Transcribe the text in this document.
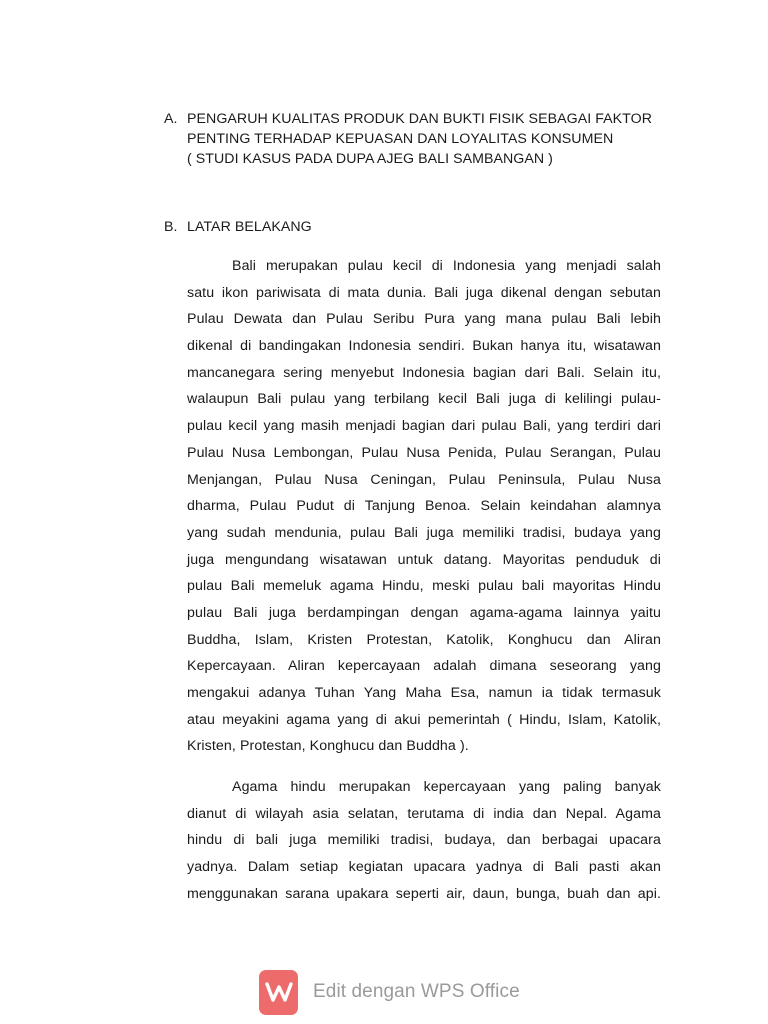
A. PENGARUH KUALITAS PRODUK DAN BUKTI FISIK SEBAGAI FAKTOR
PENTING TERHADAP KEPUASAN DAN LOYALITAS KONSUMEN
( STUDI KASUS PADA DUPA AJEG BALI SAMBANGAN )
B. LATAR BELAKANG
Bali merupakan pulau kecil di Indonesia yang menjadi salah
satu ikon pariwisata di mata dunia. Bali juga dikenal dengan sebutan
Pulau Dewata dan Pulau Seribu Pura yang mana pulau Bali lebih
dikenal di bandingakan Indonesia sendiri. Bukan hanya itu, wisatawan
mancanegara sering menyebut Indonesia bagian dari Bali. Selain itu,
walaupun Bali pulau yang terbilang kecil Bali juga di kelilingi pulau-
pulau kecil yang masih menjadi bagian dari pulau Bali, yang terdiri dari
Pulau Nusa Lembongan, Pulau Nusa Penida, Pulau Serangan, Pulau
Menjangan, Pulau Nusa Ceningan, Pulau Peninsula, Pulau Nusa
dharma, Pulau Pudut di Tanjung Benoa. Selain keindahan alamnya
yang sudah mendunia, pulau Bali juga memiliki tradisi, budaya yang
juga mengundang wisatawan untuk datang. Mayoritas penduduk di
pulau Bali memeluk agama Hindu, meski pulau bali mayoritas Hindu
pulau Bali juga berdampingan dengan agama-agama lainnya yaitu
Buddha, Islam, Kristen Protestan, Katolik, Konghucu dan Aliran
Kepercayaan. Aliran kepercayaan adalah dimana seseorang yang
mengakui adanya Tuhan Yang Maha Esa, namun ia tidak termasuk
atau meyakini agama yang di akui pemerintah ( Hindu, Islam, Katolik,
Kristen, Protestan, Konghucu dan Buddha ).
Agama hindu merupakan kepercayaan yang paling banyak
dianut di wilayah asia selatan, terutama di india dan Nepal. Agama
hindu di bali juga memiliki tradisi, budaya, dan berbagai upacara
yadnya. Dalam setiap kegiatan upacara yadnya di Bali pasti akan
menggunakan sarana upakara seperti air, daun, bunga, buah dan api.
Edit dengan WPS Office
